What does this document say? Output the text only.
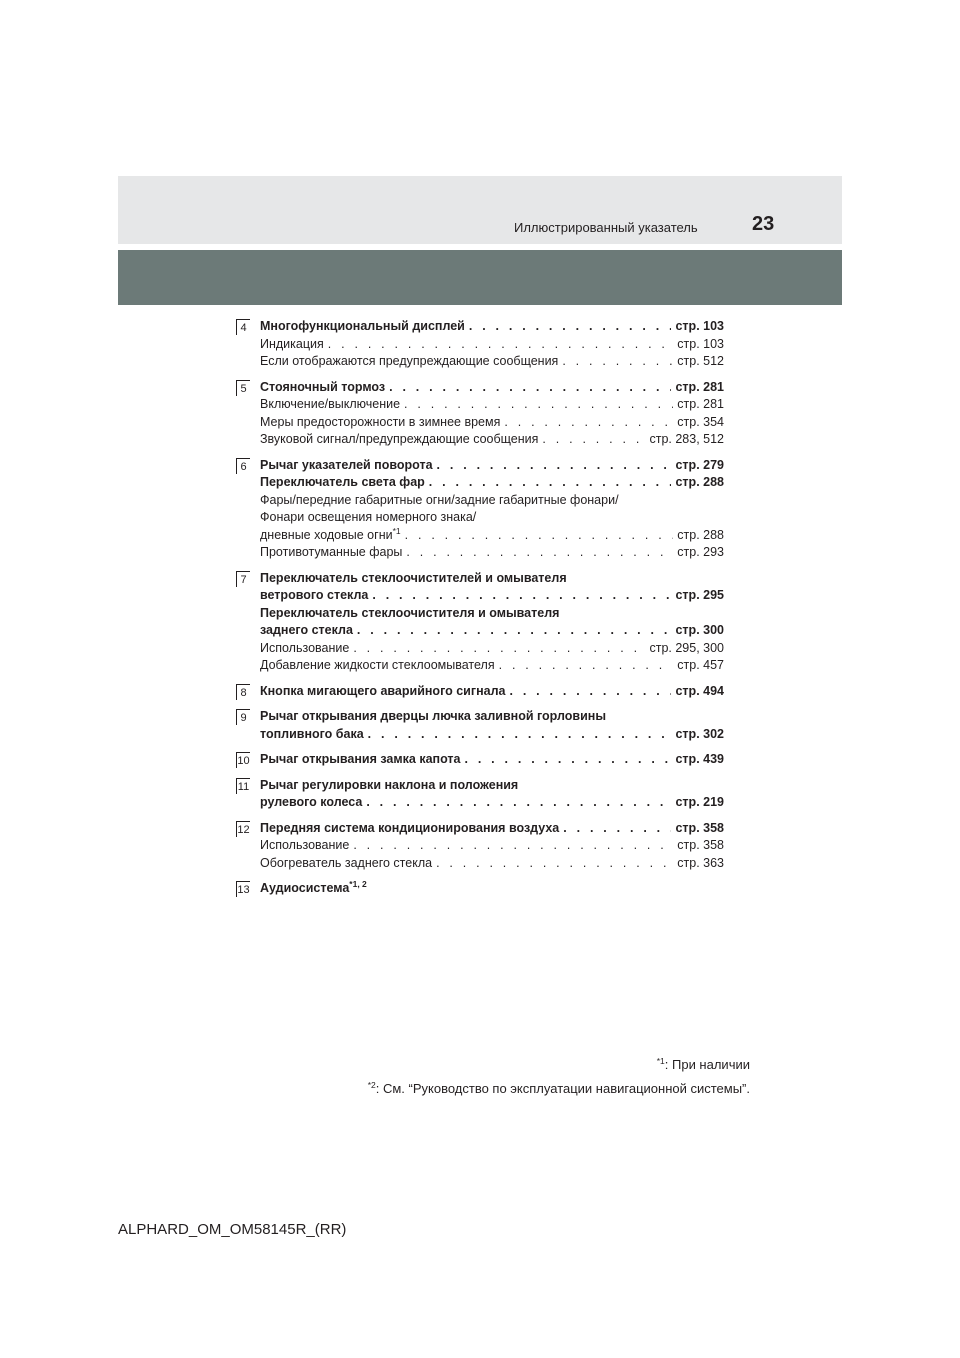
Иллюстрированный указатель	23
4 Многофункциональный дисплей . . .	стр. 103
Индикация . . .	стр. 103
Если отображаются предупреждающие сообщения . . .	стр. 512
5 Стояночный тормоз . . .	стр. 281
Включение/выключение . . .	стр. 281
Меры предосторожности в зимнее время . . .	стр. 354
Звуковой сигнал/предупреждающие сообщения . . .	стр. 283, 512
6 Рычаг указателей поворота . . .	стр. 279
Переключатель света фар . . .	стр. 288
Фары/передние габаритные огни/задние габаритные фонари/
Фонари освещения номерного знака/
дневные ходовые огни$^{*1}$ . . .	стр. 288
Противотуманные фары . . .	стр. 293
7 Переключатель стеклоочистителей и омывателя
ветрового стекла . . .	стр. 295
Переключатель стеклоочистителя и омывателя
заднего стекла . . .	стр. 300
Использование . . .	стр. 295, 300
Добавление жидкости стеклоомывателя . . .	стр. 457
8 Кнопка мигающего аварийного сигнала . . .	стр. 494
9 Рычаг открывания дверцы лючка заливной горловины
топливного бака . . .	стр. 302
10 Рычаг открывания замка капота . . .	стр. 439
11 Рычаг регулировки наклона и положения
рулевого колеса . . .	стр. 219
12 Передняя система кондиционирования воздуха . . .	стр. 358
Использование . . .	стр. 358
Обогреватель заднего стекла . . .	стр. 363
13 Аудиосистема$^{*1, 2}$
$^{*1}$: При наличии
$^{*2}$: См. “Руководство по эксплуатации навигационной системы”.
ALPHARD_OM_OM58145R_(RR)
